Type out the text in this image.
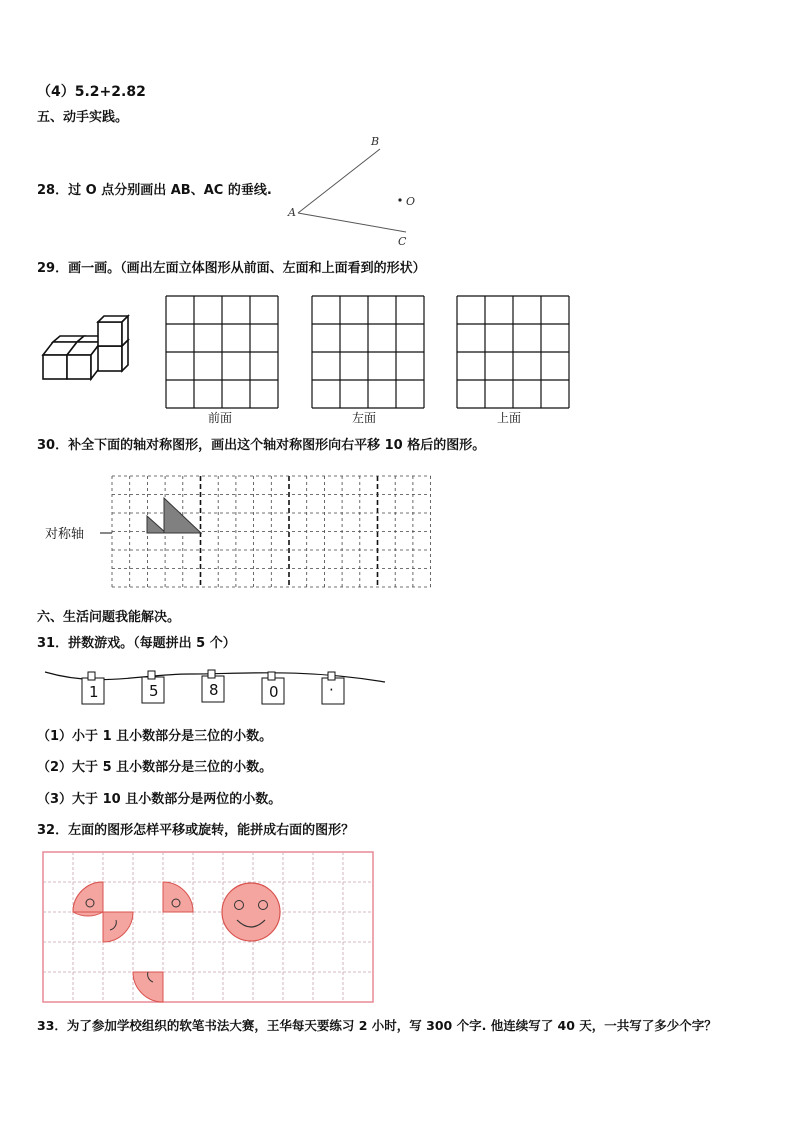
（4）5.2+2.82
五、动手实践。
28．过 O 点分别画出 AB、AC 的垂线.
A
B
C
O
29．画一画。（画出左面立体图形从前面、左面和上面看到的形状）
前面	左面	上面
30．补全下面的轴对称图形，画出这个轴对称图形向右平移 10 格后的图形。
对称轴
六、生活问题我能解决。
31．拼数游戏。（每题拼出 5 个）
1	5	8	0	·
（1）小于 1 且小数部分是三位的小数。
（2）大于 5 且小数部分是三位的小数。
（3）大于 10 且小数部分是两位的小数。
32．左面的图形怎样平移或旋转，能拼成右面的图形？
33．为了参加学校组织的软笔书法大赛，王华每天要练习 2 小时，写 300 个字. 他连续写了 40 天，一共写了多少个字？
